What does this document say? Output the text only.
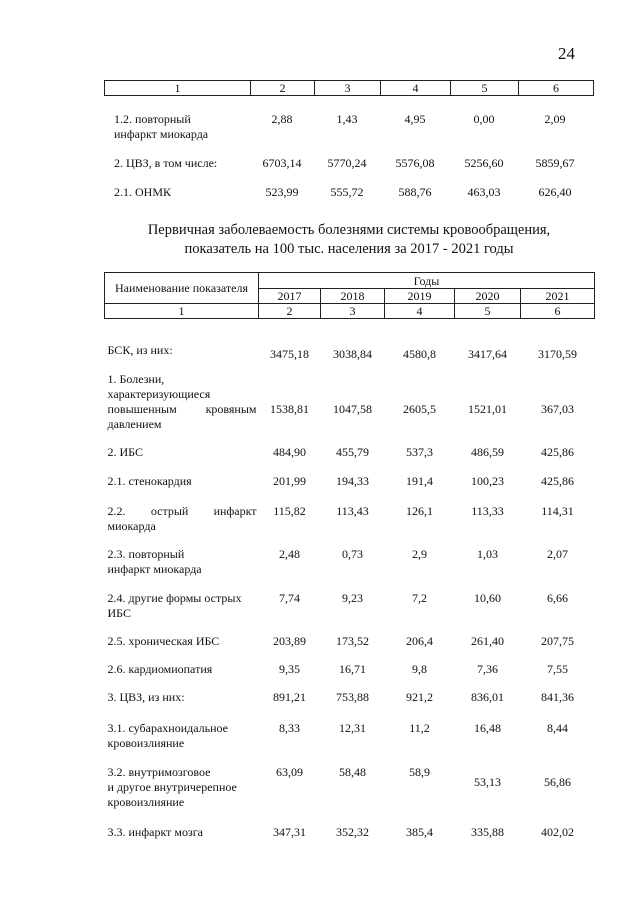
24
1	2	3	4	5	6
1.2. повторный
инфаркт миокарда
2,88	1,43	4,95	0,00	2,09
2. ЦВЗ, в том числе:	6703,14	5770,24	5576,08	5256,60	5859,67
2.1. ОНМК	523,99	555,72	588,76	463,03	626,40
Первичная заболеваемость болезнями системы кровообращения,
показатель на 100 тыс. населения за 2017 - 2021 годы
Наименование показателя	Годы				
	2017	2018	2019	2020	2021
1	2	3	4	5	6

БСК, из них:	3475,18	3038,84	4580,8	3417,64	3170,59

1. Болезни,
характеризующиеся
повышенным кровяным
давлением	1538,81	1047,58	2605,5	1521,01	367,03

2. ИБС	484,90	455,79	537,3	486,59	425,86

2.1. стенокардия	201,99	194,33	191,4	100,23	425,86

2.2. острый инфаркт
миокарда	115,82	113,43	126,1	113,33	114,31

2.3. повторный
инфаркт миокарда	2,48	0,73	2,9	1,03	2,07

2.4. другие формы острых
ИБС	7,74	9,23	7,2	10,60	6,66

2.5. хроническая ИБС	203,89	173,52	206,4	261,40	207,75

2.6. кардиомиопатия	9,35	16,71	9,8	7,36	7,55

3. ЦВЗ, из них:	891,21	753,88	921,2	836,01	841,36

3.1. субарахноидальное
кровоизлияние	8,33	12,31	11,2	16,48	8,44

3.2. внутримозговое
и другое внутричерепное
кровоизлияние	63,09	58,48	58,9	53,13	56,86

3.3. инфаркт мозга	347,31	352,32	385,4	335,88	402,02
